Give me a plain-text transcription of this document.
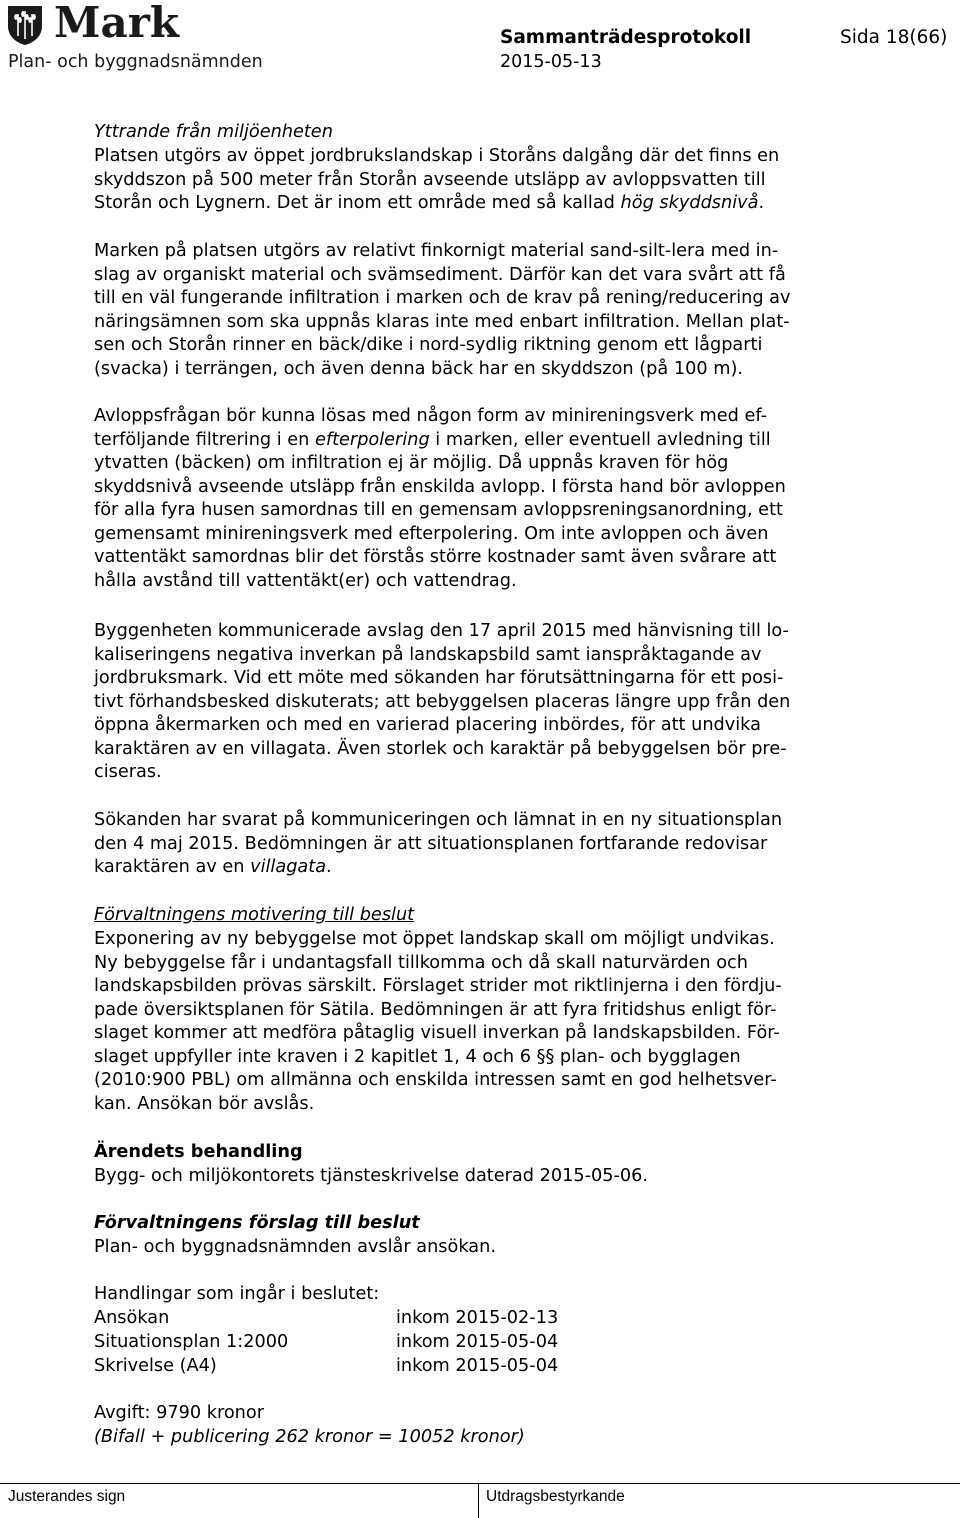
Mark
Plan- och byggnadsnämnden
Sammanträdesprotokoll	Sida 18(66)
2015-05-13
Yttrande från miljöenheten
Platsen utgörs av öppet jordbrukslandskap i Storåns dalgång där det finns en
skyddszon på 500 meter från Storån avseende utsläpp av avloppsvatten till
Storån och Lygnern. Det är inom ett område med så kallad hög skyddsnivå.
Marken på platsen utgörs av relativt finkornigt material sand-silt-lera med in-
slag av organiskt material och svämsediment. Därför kan det vara svårt att få
till en väl fungerande infiltration i marken och de krav på rening/reducering av
näringsämnen som ska uppnås klaras inte med enbart infiltration. Mellan plat-
sen och Storån rinner en bäck/dike i nord-sydlig riktning genom ett lågparti
(svacka) i terrängen, och även denna bäck har en skyddszon (på 100 m).
Avloppsfrågan bör kunna lösas med någon form av minireningsverk med ef-
terföljande filtrering i en efterpolering i marken, eller eventuell avledning till
ytvatten (bäcken) om infiltration ej är möjlig. Då uppnås kraven för hög
skyddsnivå avseende utsläpp från enskilda avlopp. I första hand bör avloppen
för alla fyra husen samordnas till en gemensam avloppsreningsanordning, ett
gemensamt minireningsverk med efterpolering. Om inte avloppen och även
vattentäkt samordnas blir det förstås större kostnader samt även svårare att
hålla avstånd till vattentäkt(er) och vattendrag.
Byggenheten kommunicerade avslag den 17 april 2015 med hänvisning till lo-
kaliseringens negativa inverkan på landskapsbild samt ianspråktagande av
jordbruksmark. Vid ett möte med sökanden har förutsättningarna för ett posi-
tivt förhandsbesked diskuterats; att bebyggelsen placeras längre upp från den
öppna åkermarken och med en varierad placering inbördes, för att undvika
karaktären av en villagata. Även storlek och karaktär på bebyggelsen bör pre-
ciseras.
Sökanden har svarat på kommuniceringen och lämnat in en ny situationsplan
den 4 maj 2015. Bedömningen är att situationsplanen fortfarande redovisar
karaktären av en villagata.
Förvaltningens motivering till beslut
Exponering av ny bebyggelse mot öppet landskap skall om möjligt undvikas.
Ny bebyggelse får i undantagsfall tillkomma och då skall naturvärden och
landskapsbilden prövas särskilt. Förslaget strider mot riktlinjerna i den fördju-
pade översiktsplanen för Sätila. Bedömningen är att fyra fritidshus enligt för-
slaget kommer att medföra påtaglig visuell inverkan på landskapsbilden. För-
slaget uppfyller inte kraven i 2 kapitlet 1, 4 och 6 §§ plan- och bygglagen
(2010:900 PBL) om allmänna och enskilda intressen samt en god helhetsver-
kan. Ansökan bör avslås.
Ärendets behandling
Bygg- och miljökontorets tjänsteskrivelse daterad 2015-05-06.
Förvaltningens förslag till beslut
Plan- och byggnadsnämnden avslår ansökan.
Handlingar som ingår i beslutet:
Ansökan	inkom 2015-02-13
Situationsplan 1:2000	inkom 2015-05-04
Skrivelse (A4)	inkom 2015-05-04
Avgift: 9790 kronor
(Bifall + publicering 262 kronor = 10052 kronor)
Justerandes sign	Utdragsbestyrkande
